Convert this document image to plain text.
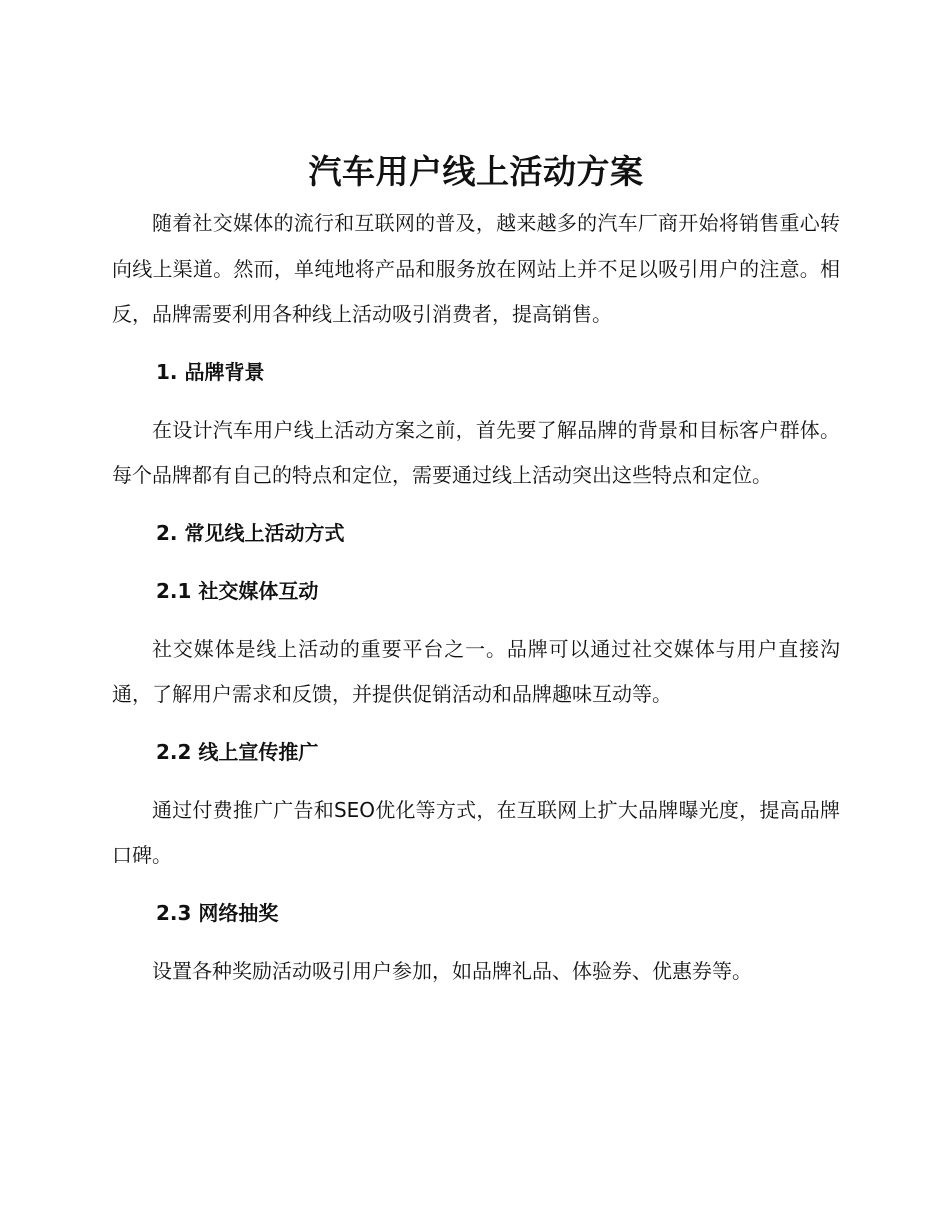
汽车用户线上活动方案

随着社交媒体的流行和互联网的普及，越来越多的汽车厂商开始将销售重心转向线上渠道。然而，单纯地将产品和服务放在网站上并不足以吸引用户的注意。相反，品牌需要利用各种线上活动吸引消费者，提高销售。

1. 品牌背景

在设计汽车用户线上活动方案之前，首先要了解品牌的背景和目标客户群体。每个品牌都有自己的特点和定位，需要通过线上活动突出这些特点和定位。

2. 常见线上活动方式
2.1 社交媒体互动

社交媒体是线上活动的重要平台之一。品牌可以通过社交媒体与用户直接沟通，了解用户需求和反馈，并提供促销活动和品牌趣味互动等。

2.2 线上宣传推广

通过付费推广广告和SEO优化等方式，在互联网上扩大品牌曝光度，提高品牌口碑。

2.3 网络抽奖

设置各种奖励活动吸引用户参加，如品牌礼品、体验券、优惠券等。
